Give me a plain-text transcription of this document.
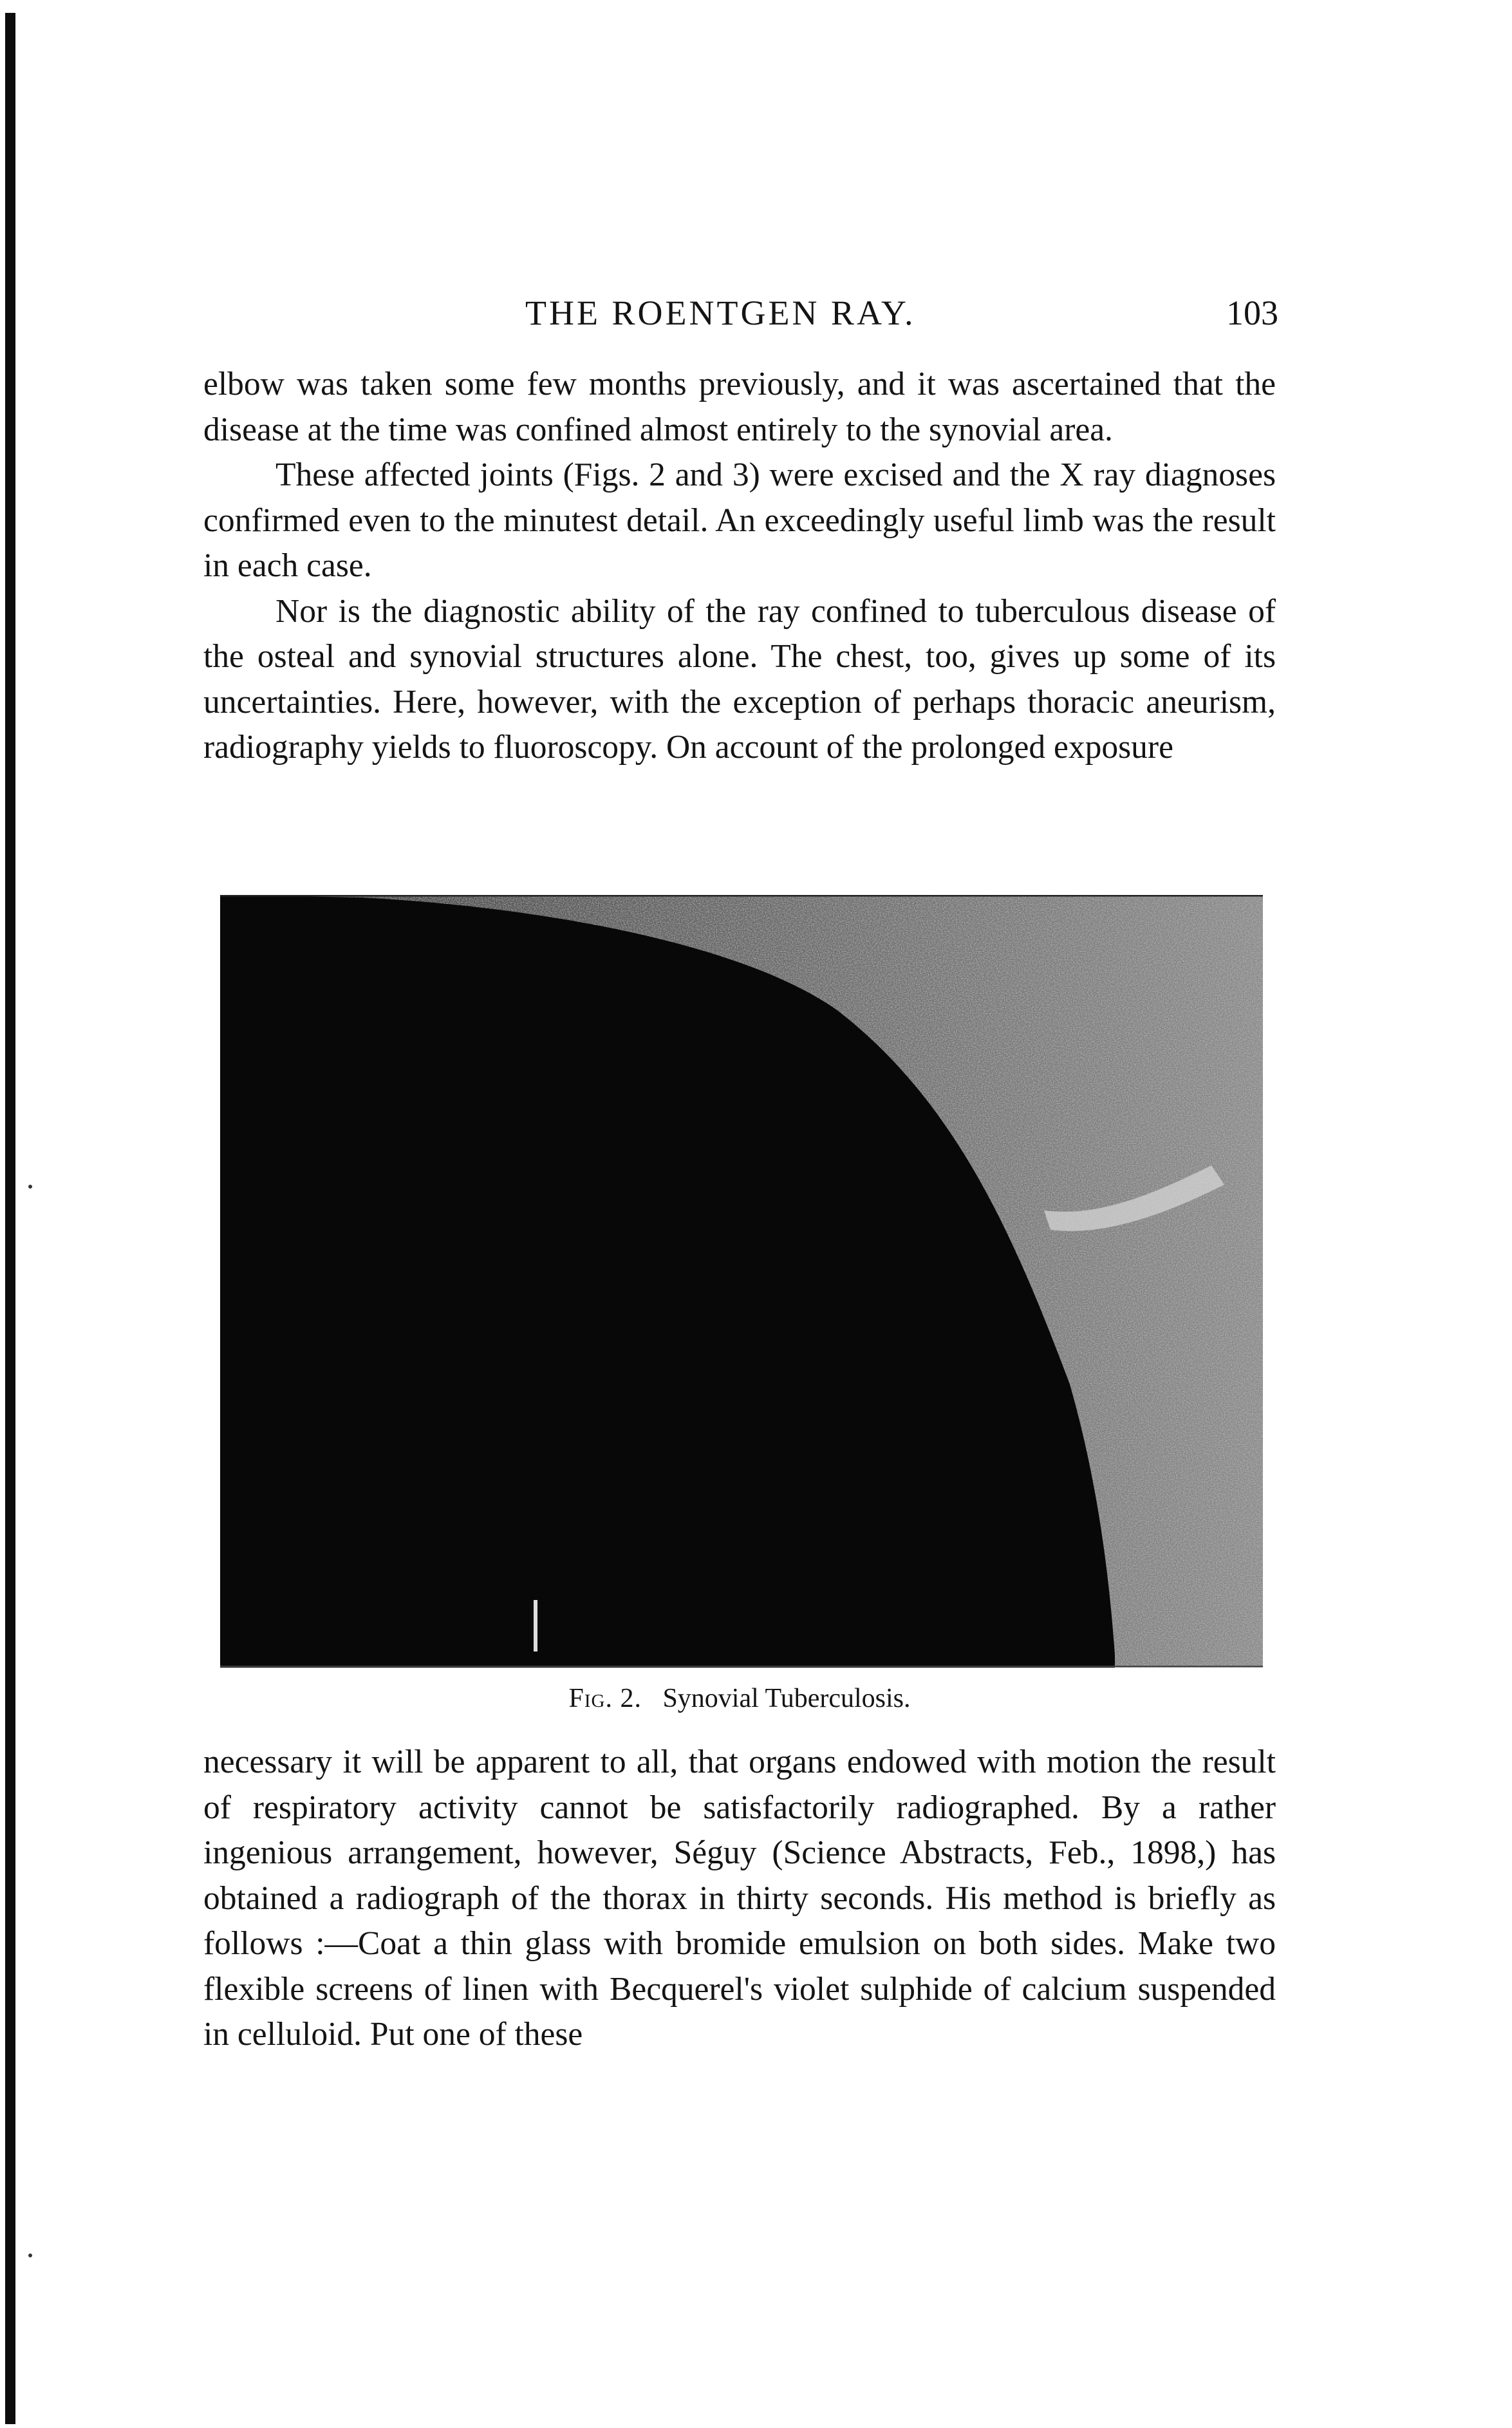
THE ROENTGEN RAY.	103

elbow was taken some few months previously, and it was ascertained that the disease at the time was confined almost entirely to the synovial area.

These affected joints (Figs. 2 and 3) were excised and the X ray diagnoses confirmed even to the minutest detail. An exceedingly useful limb was the result in each case.

Nor is the diagnostic ability of the ray confined to tuberculous disease of the osteal and synovial structures alone. The chest, too, gives up some of its uncertainties. Here, however, with the exception of perhaps thoracic aneurism, radiography yields to fluoroscopy. On account of the prolonged exposure

Fig. 2. Synovial Tuberculosis.

necessary it will be apparent to all, that organs endowed with motion the result of respiratory activity cannot be satisfactorily radiographed. By a rather ingenious arrangement, however, Séguy (Science Abstracts, Feb., 1898,) has obtained a radiograph of the thorax in thirty seconds. His method is briefly as follows :—Coat a thin glass with bromide emulsion on both sides. Make two flexible screens of linen with Becquerel's violet sulphide of calcium suspended in celluloid. Put one of these
